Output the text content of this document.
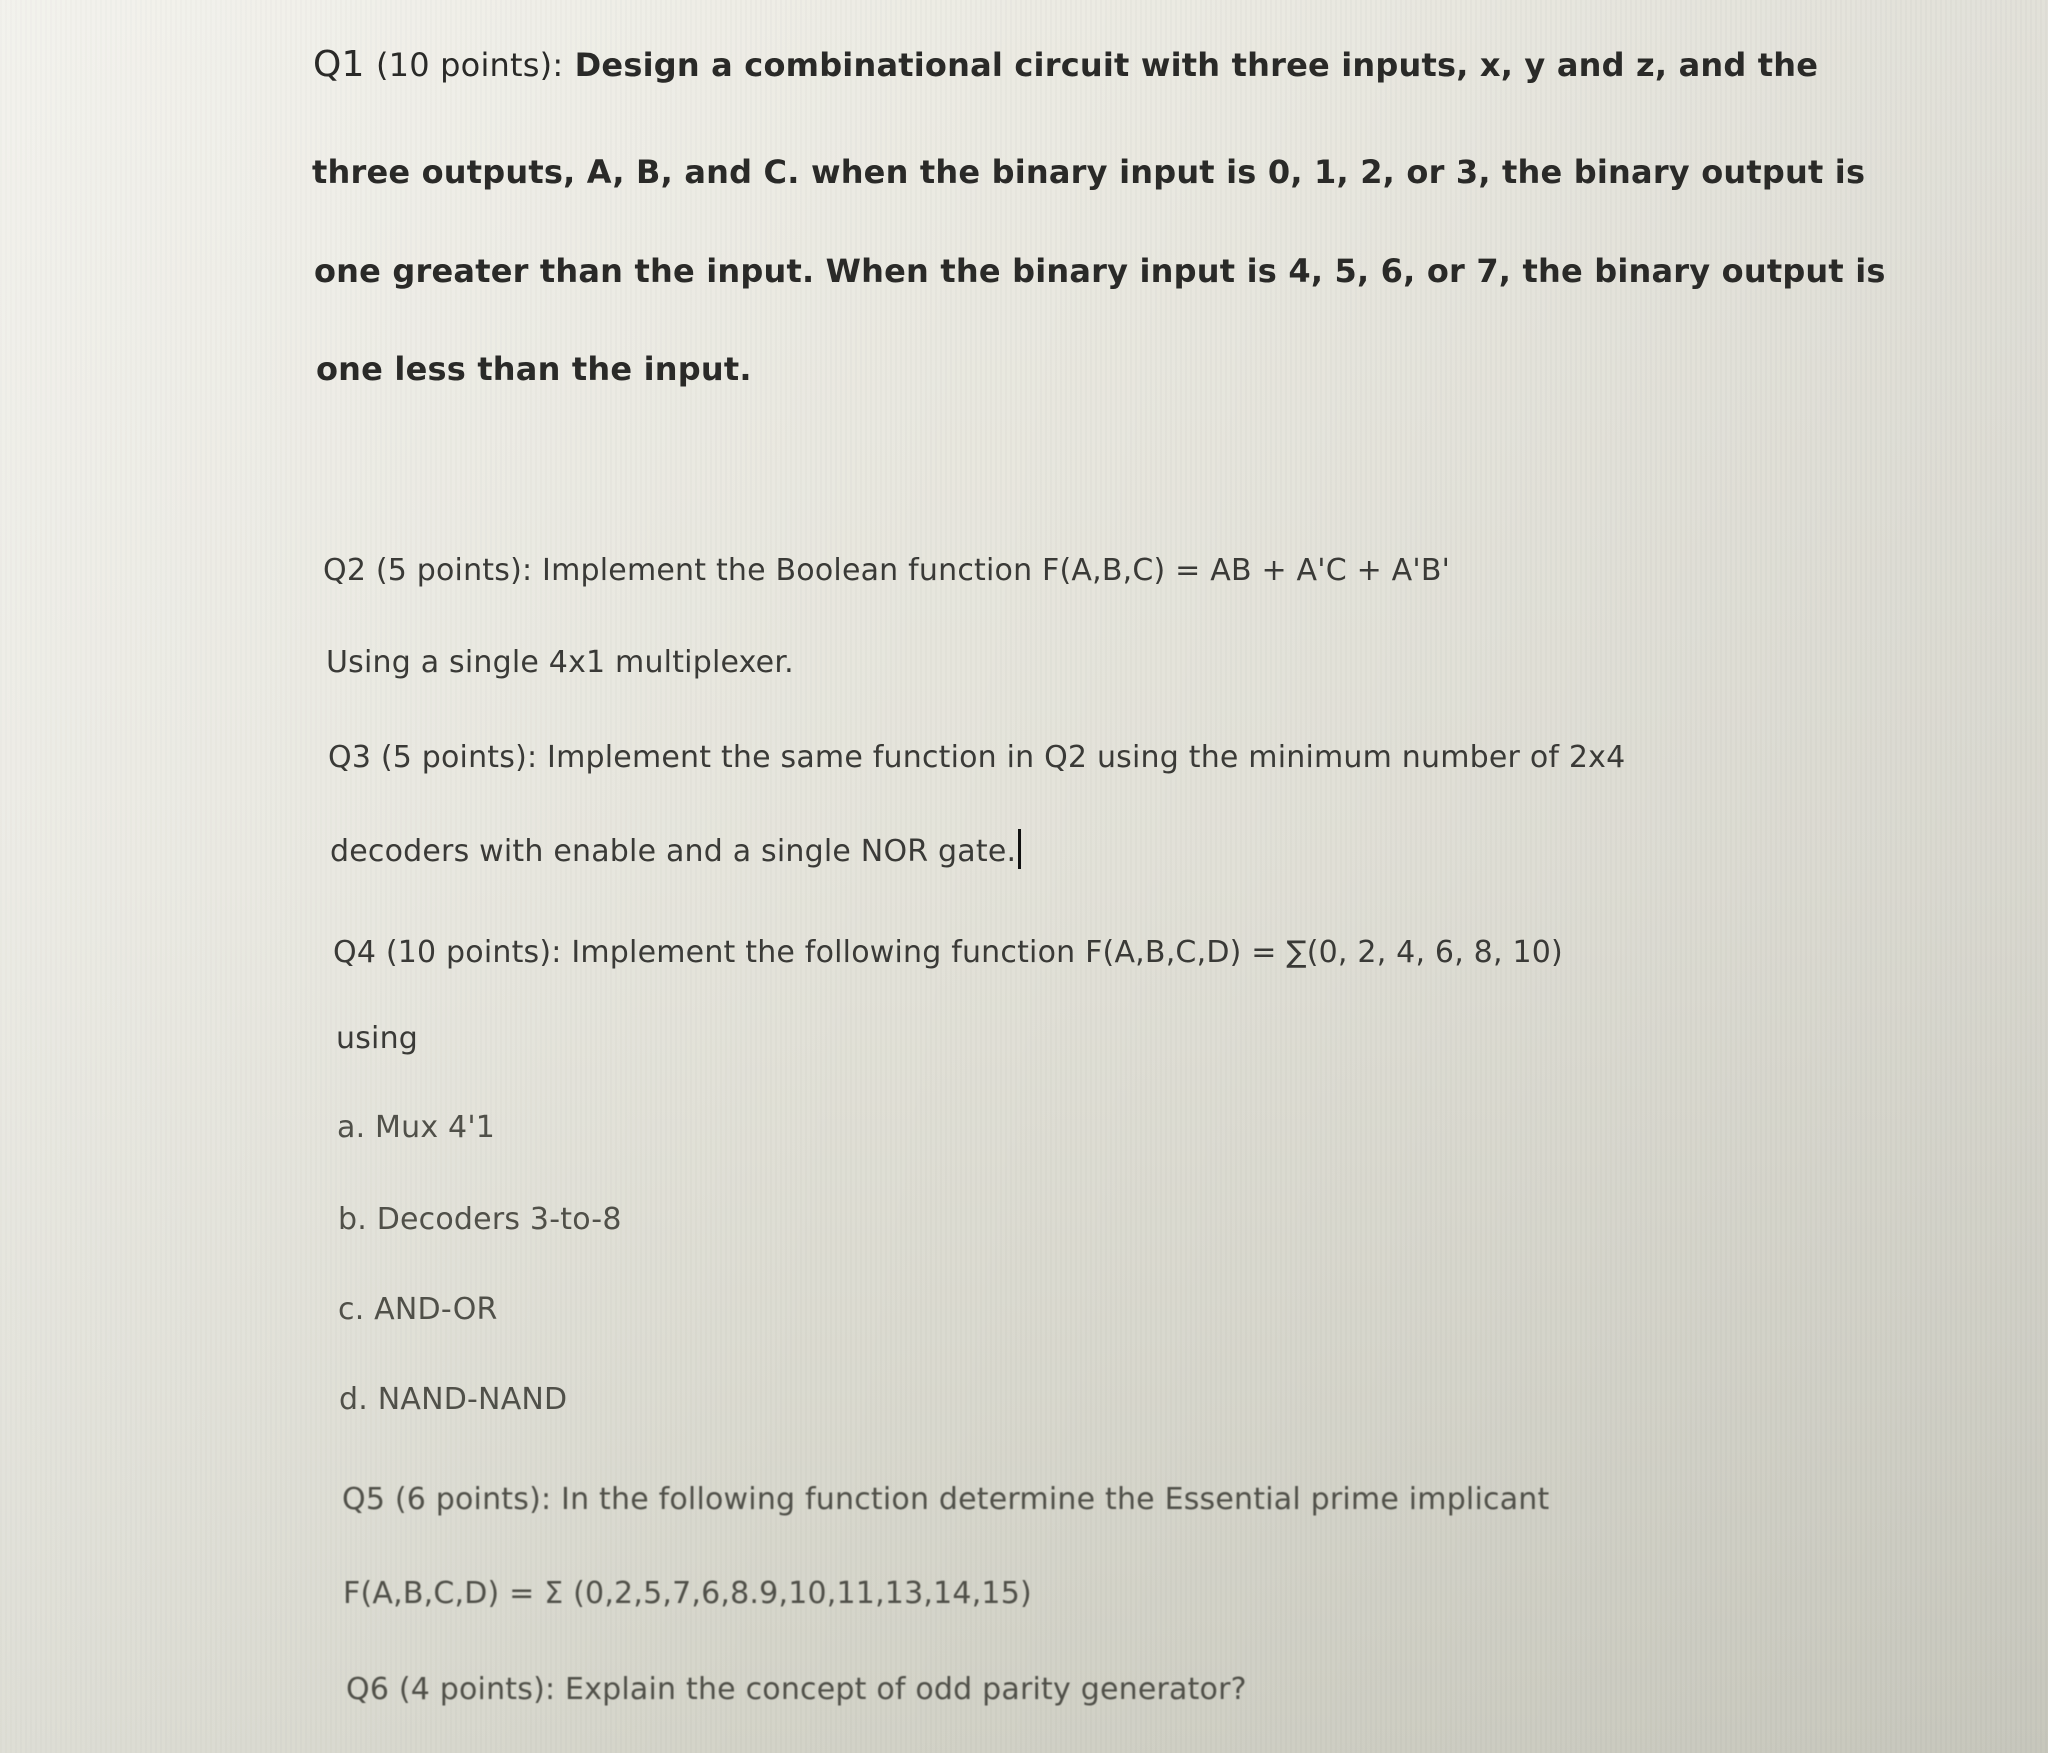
Q1 (10 points): Design a combinational circuit with three inputs, x, y and z, and the

three outputs, A, B, and C. when the binary input is 0, 1, 2, or 3, the binary output is

one greater than the input. When the binary input is 4, 5, 6, or 7, the binary output is

one less than the input.

Q2 (5 points): Implement the Boolean function F(A,B,C) = AB + A'C + A'B'

Using a single 4x1 multiplexer.

Q3 (5 points): Implement the same function in Q2 using the minimum number of 2x4

decoders with enable and a single NOR gate.

Q4 (10 points): Implement the following function F(A,B,C,D) = ∑(0, 2, 4, 6, 8, 10)

using

a. Mux 4'1

b. Decoders 3-to-8

c. AND-OR

d. NAND-NAND

Q5 (6 points): In the following function determine the Essential prime implicant

F(A,B,C,D) = Σ (0,2,5,7,6,8.9,10,11,13,14,15)

Q6 (4 points): Explain the concept of odd parity generator?
